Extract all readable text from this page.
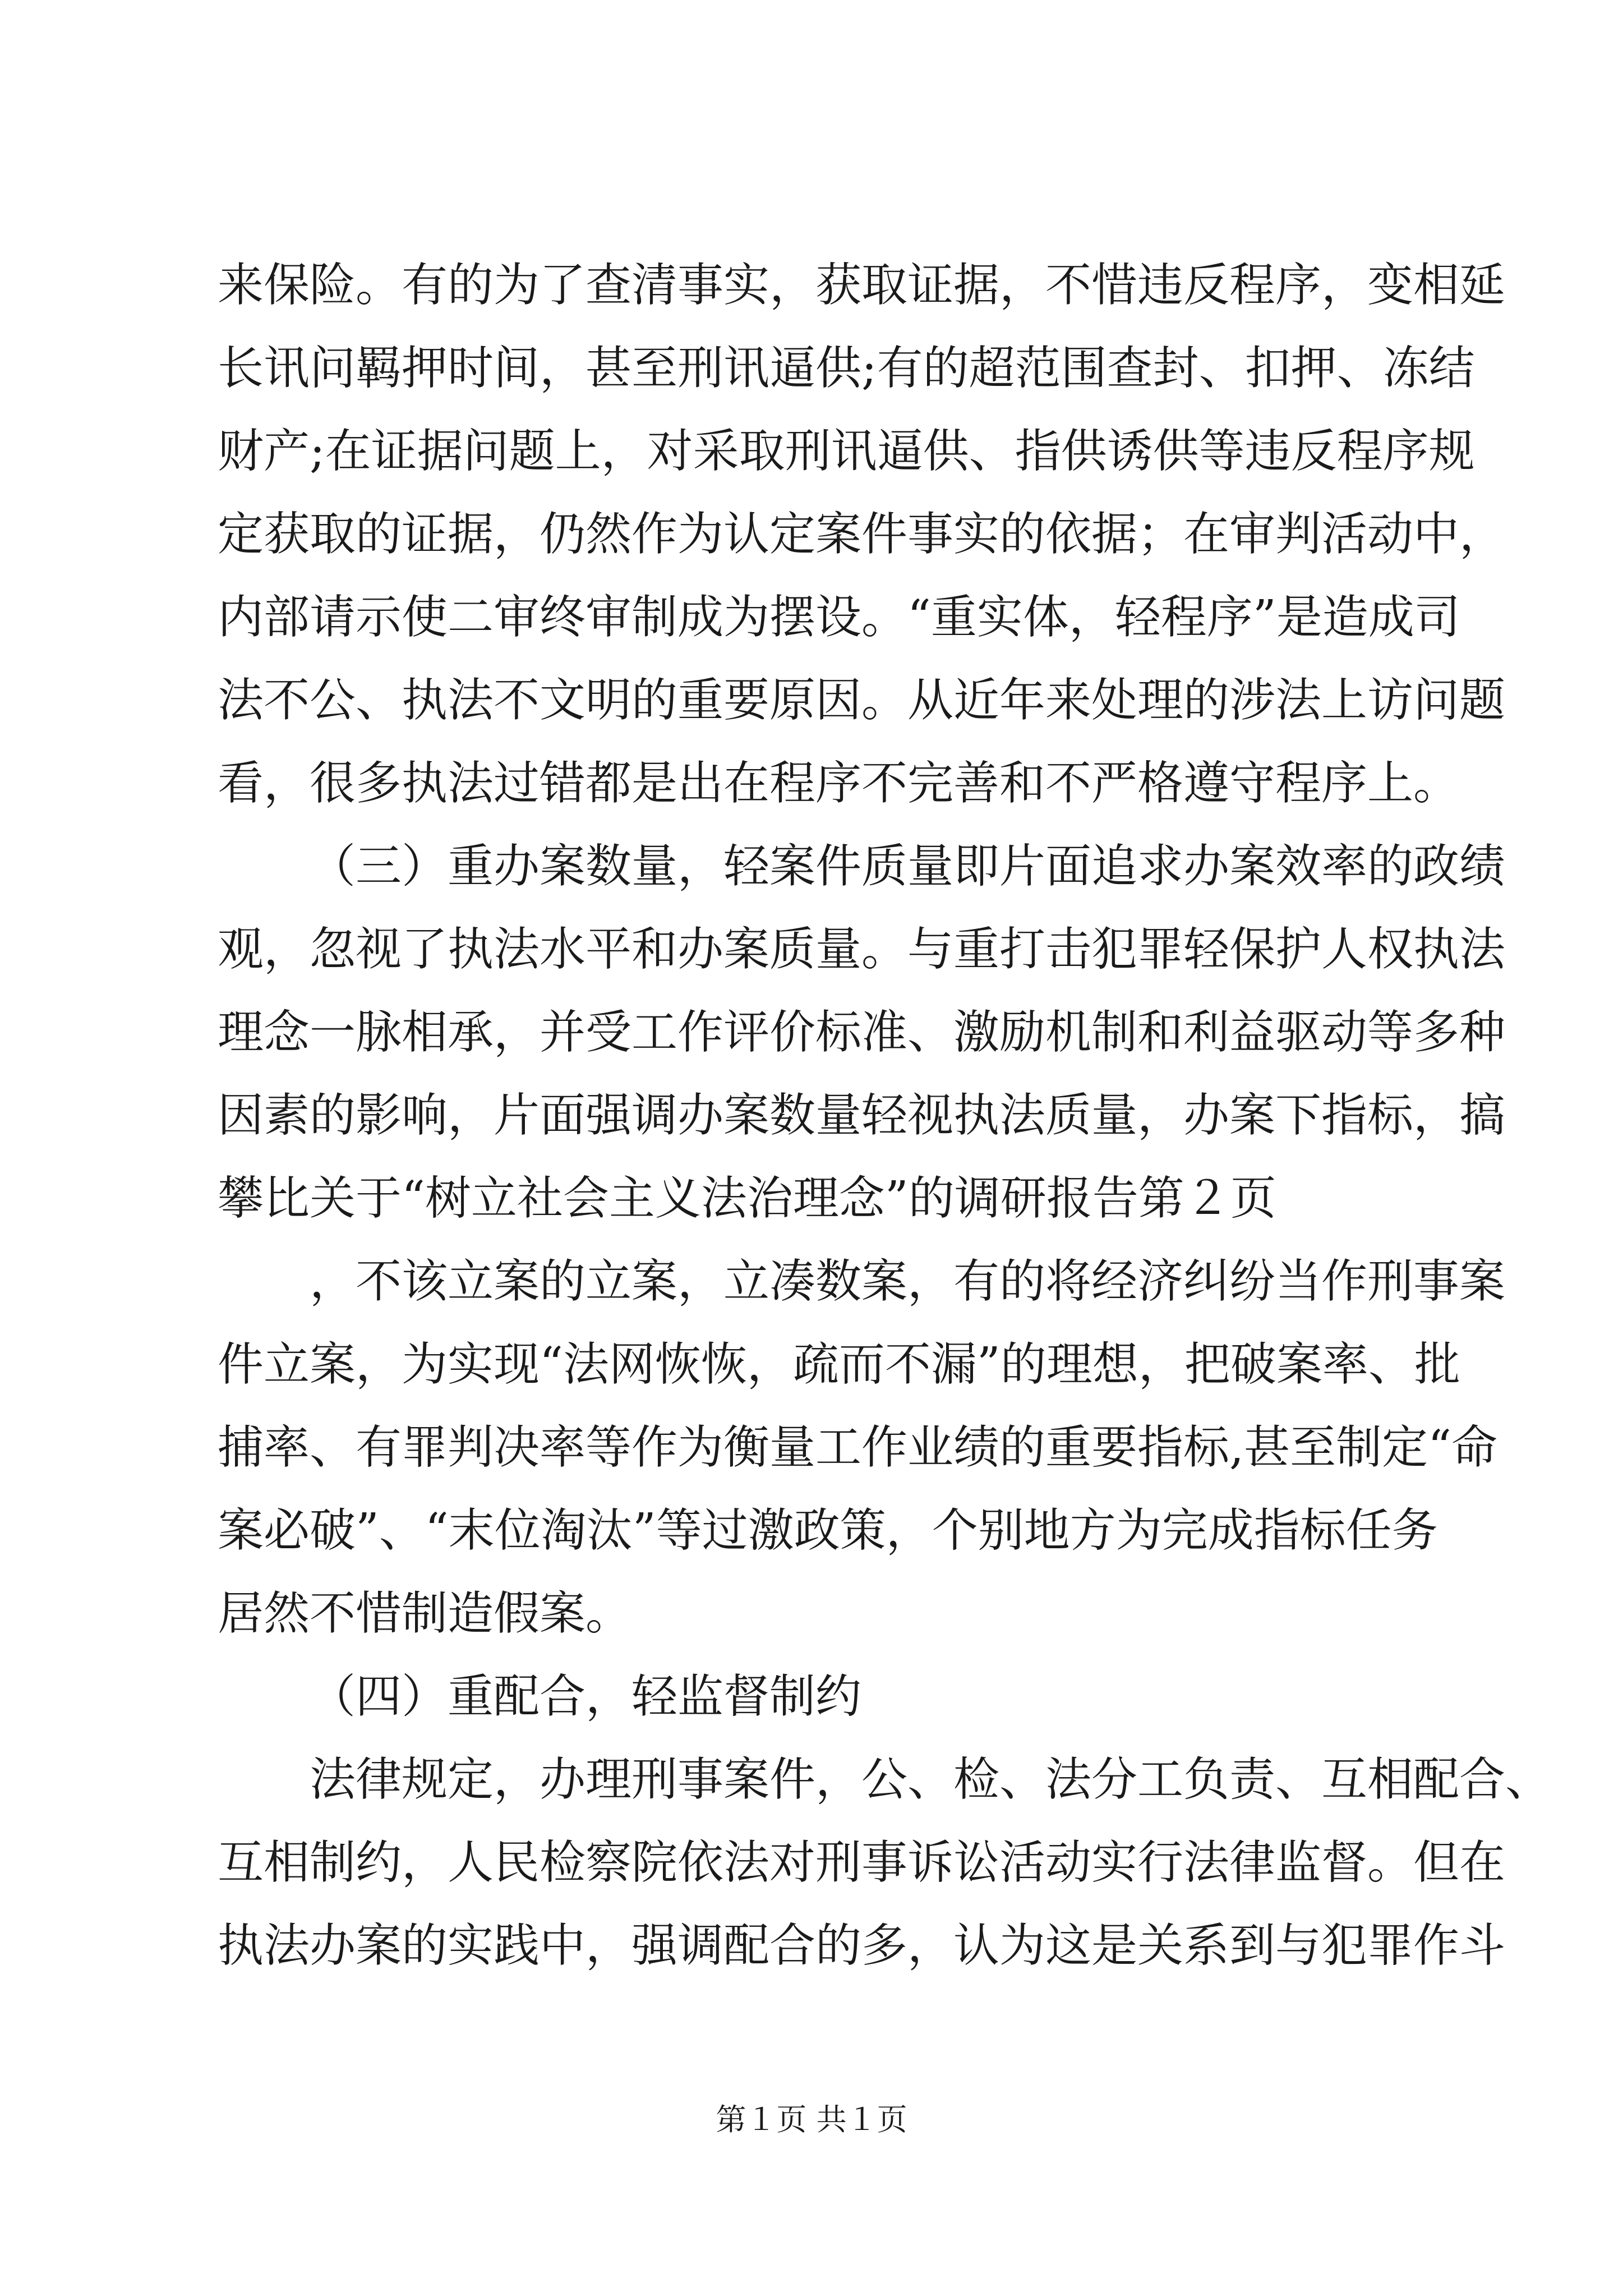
来保险。有的为了查清事实，获取证据，不惜违反程序，变相延
长讯问羁押时间，甚至刑讯逼供;有的超范围查封、扣押、冻结
财产;在证据问题上，对采取刑讯逼供、指供诱供等违反程序规
定获取的证据，仍然作为认定案件事实的依据；在审判活动中，
内部请示使二审终审制成为摆设。“重实体，轻程序”是造成司
法不公、执法不文明的重要原因。从近年来处理的涉法上访问题
看，很多执法过错都是出在程序不完善和不严格遵守程序上。
（三）重办案数量，轻案件质量即片面追求办案效率的政绩
观，忽视了执法水平和办案质量。与重打击犯罪轻保护人权执法
理念一脉相承，并受工作评价标准、激励机制和利益驱动等多种
因素的影响，片面强调办案数量轻视执法质量，办案下指标，搞
攀比关于“树立社会主义法治理念”的调研报告第２页
，不该立案的立案，立凑数案，有的将经济纠纷当作刑事案
件立案，为实现“法网恢恢，疏而不漏”的理想，把破案率、批
捕率、有罪判决率等作为衡量工作业绩的重要指标,甚至制定“命
案必破”、“末位淘汰”等过激政策，个别地方为完成指标任务
居然不惜制造假案。
（四）重配合，轻监督制约
法律规定，办理刑事案件，公、检、法分工负责、互相配合、
互相制约，人民检察院依法对刑事诉讼活动实行法律监督。但在
执法办案的实践中，强调配合的多，认为这是关系到与犯罪作斗
第１页 共１页
